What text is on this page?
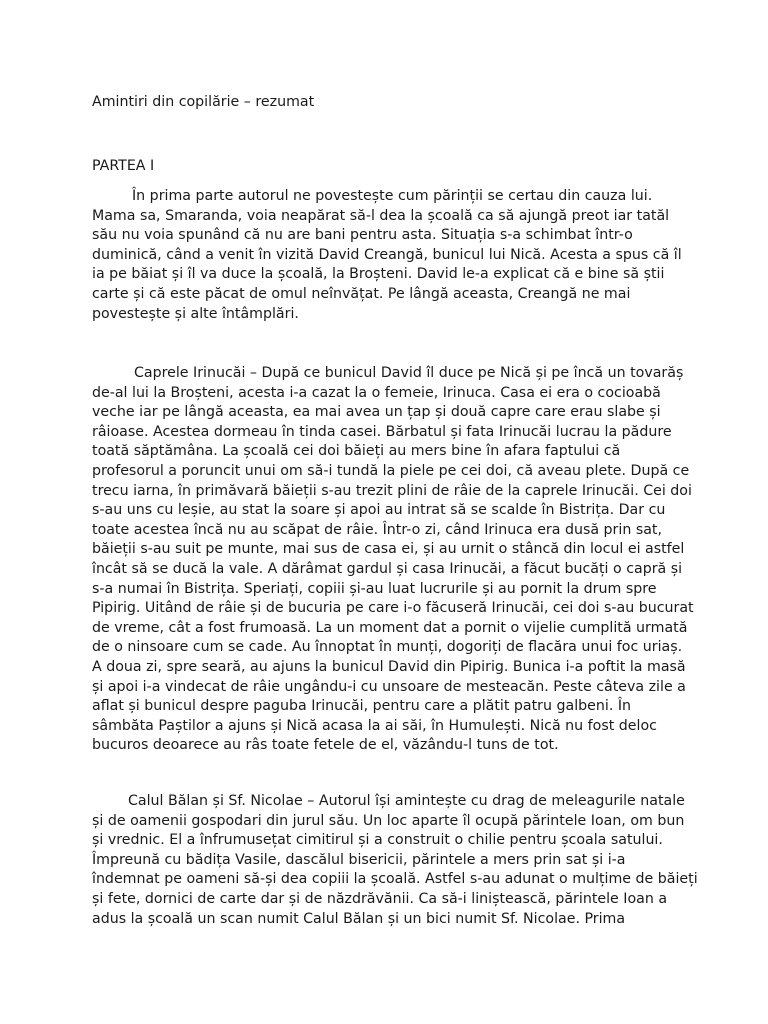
Amintiri din copilărie – rezumat
PARTEA I
În prima parte autorul ne povestește cum părinții se certau din cauza lui.
Mama sa, Smaranda, voia neapărat să-l dea la școală ca să ajungă preot iar tatăl
său nu voia spunând că nu are bani pentru asta. Situația s-a schimbat într-o
duminică, când a venit în vizită David Creangă, bunicul lui Nică. Acesta a spus că îl
ia pe băiat și îl va duce la școală, la Broșteni. David le-a explicat că e bine să știi
carte și că este păcat de omul neînvățat. Pe lângă aceasta, Creangă ne mai
povestește și alte întâmplări.
Caprele Irinucăi – După ce bunicul David îl duce pe Nică și pe încă un tovarăș
de-al lui la Broșteni, acesta i-a cazat la o femeie, Irinuca. Casa ei era o cocioabă
veche iar pe lângă aceasta, ea mai avea un țap și două capre care erau slabe și
râioase. Acestea dormeau în tinda casei. Bărbatul și fata Irinucăi lucrau la pădure
toată săptămâna. La școală cei doi băieți au mers bine în afara faptului că
profesorul a poruncit unui om să-i tundă la piele pe cei doi, că aveau plete. După ce
trecu iarna, în primăvară băieții s-au trezit plini de râie de la caprele Irinucăi. Cei doi
s-au uns cu leșie, au stat la soare și apoi au intrat să se scalde în Bistrița. Dar cu
toate acestea încă nu au scăpat de râie. Într-o zi, când Irinuca era dusă prin sat,
băieții s-au suit pe munte, mai sus de casa ei, și au urnit o stâncă din locul ei astfel
încât să se ducă la vale. A dărâmat gardul și casa Irinucăi, a făcut bucăți o capră și
s-a numai în Bistrița. Speriați, copiii și-au luat lucrurile și au pornit la drum spre
Pipirig. Uitând de râie și de bucuria pe care i-o făcuseră Irinucăi, cei doi s-au bucurat
de vreme, cât a fost frumoasă. La un moment dat a pornit o vijelie cumplită urmată
de o ninsoare cum se cade. Au înnoptat în munți, dogoriți de flacăra unui foc uriaș.
A doua zi, spre seară, au ajuns la bunicul David din Pipirig. Bunica i-a poftit la masă
și apoi i-a vindecat de râie ungându-i cu unsoare de mesteacăn. Peste câteva zile a
aflat și bunicul despre paguba Irinucăi, pentru care a plătit patru galbeni. În
sâmbăta Paștilor a ajuns și Nică acasa la ai săi, în Humulești. Nică nu fost deloc
bucuros deoarece au râs toate fetele de el, văzându-l tuns de tot.
Calul Bălan și Sf. Nicolae – Autorul își amintește cu drag de meleagurile natale
și de oamenii gospodari din jurul său. Un loc aparte îl ocupă părintele Ioan, om bun
și vrednic. El a înfrumusețat cimitirul și a construit o chilie pentru școala satului.
Împreună cu bădița Vasile, dascălul bisericii, părintele a mers prin sat și i-a
îndemnat pe oameni să-și dea copiii la școală. Astfel s-au adunat o mulțime de băieți
și fete, dornici de carte dar și de năzdrăvănii. Ca să-i liniștească, părintele Ioan a
adus la școală un scan numit Calul Bălan și un bici numit Sf. Nicolae. Prima
